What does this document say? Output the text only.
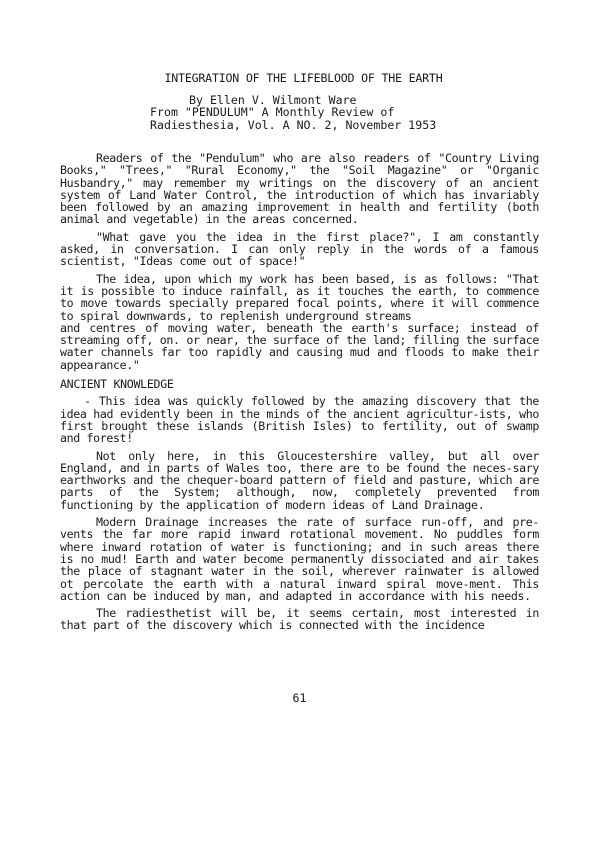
INTEGRATION OF THE LIFEBLOOD OF THE EARTH
By Ellen V. Wilmont Ware
From "PENDULUM" A Monthly Review of
Radiesthesia, Vol. A NO. 2, November 1953

Readers of the "Pendulum" who are also readers of "Country Living Books," "Trees," "Rural Economy," the "Soil Magazine" or "Organic Husbandry," may remember my writings on the discovery of an ancient system of Land Water Control, the introduction of which has invariably been followed by an amazing improvement in health and fertility (both animal and vegetable) in the areas concerned.

"What gave you the idea in the first place?", I am constantly asked, in conversation. I can only reply in the words of a famous scientist, "Ideas come out of space!"

The idea, upon which my work has been based, is as follows: "That it is possible to induce rainfall, as it touches the earth, to commence to move towards specially prepared focal points, where it will commence to spiral downwards, to replenish underground streams

and centres of moving water, beneath the earth's surface; instead of streaming off, on. or near, the surface of the land; filling the surface water channels far too rapidly and causing mud and floods to make their appearance."

ANCIENT KNOWLEDGE

- This idea was quickly followed by the amazing discovery that the idea had evidently been in the minds of the ancient agricultur-ists, who first brought these islands (British Isles) to fertility, out of swamp and forest!

Not only here, in this Gloucestershire valley, but all over England, and in parts of Wales too, there are to be found the neces-sary earthworks and the chequer-board pattern of field and pasture, which are parts of the System; although, now, completely prevented from functioning by the application of modern ideas of Land Drainage.

Modern Drainage increases the rate of surface run-off, and pre-vents the far more rapid inward rotational movement. No puddles form where inward rotation of water is functioning; and in such areas there is no mud! Earth and water become permanently dissociated and air takes the place of stagnant water in the soil, wherever rainwater is allowed ot percolate the earth with a natural inward spiral move-ment. This action can be induced by man, and adapted in accordance with his needs.

The radiesthetist will be, it seems certain, most interested in that part of the discovery which is connected with the incidence

61
